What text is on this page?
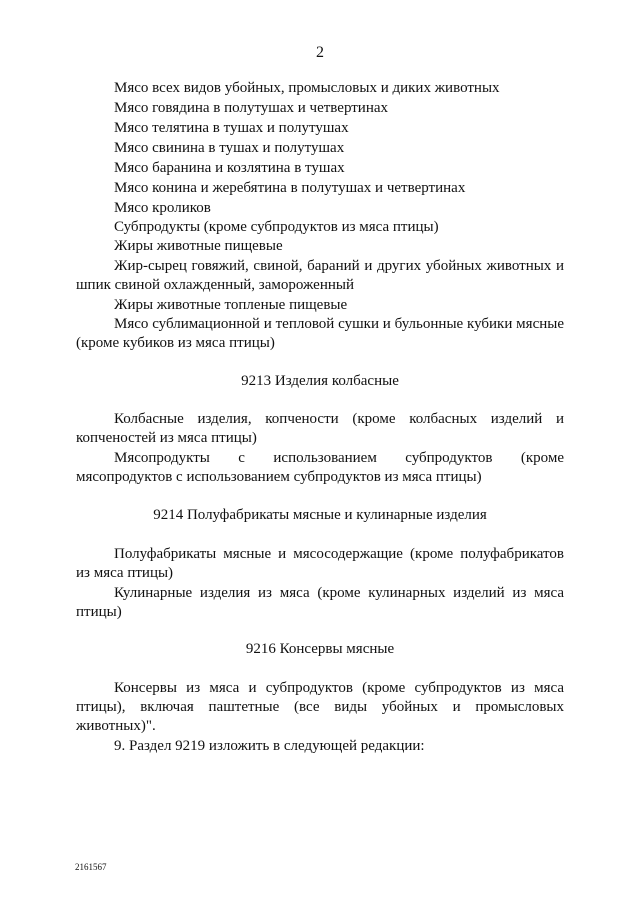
2

Мясо всех видов убойных, промысловых и диких животных

Мясо говядина в полутушах и четвертинах

Мясо телятина в тушах и полутушах

Мясо свинина в тушах и полутушах

Мясо баранина и козлятина в тушах

Мясо конина и жеребятина в полутушах и четвертинах

Мясо кроликов

Субпродукты (кроме субпродуктов из мяса птицы)

Жиры животные пищевые

Жир-сырец говяжий, свиной, бараний и других убойных животных и шпик свиной охлажденный, замороженный

Жиры животные топленые пищевые

Мясо сублимационной и тепловой сушки и бульонные кубики мясные (кроме кубиков из мяса птицы)

9213 Изделия колбасные

Колбасные изделия, копчености (кроме колбасных изделий и копченостей из мяса птицы)

Мясопродукты с использованием субпродуктов (кроме мясопродуктов с использованием субпродуктов из мяса птицы)

9214 Полуфабрикаты мясные и кулинарные изделия

Полуфабрикаты мясные и мясосодержащие (кроме полуфабрикатов из мяса птицы)

Кулинарные изделия из мяса (кроме кулинарных изделий из мяса птицы)

9216 Консервы мясные

Консервы из мяса и субпродуктов (кроме субпродуктов из мяса птицы), включая паштетные (все виды убойных и промысловых животных)".

9. Раздел 9219 изложить в следующей редакции:

2161567
